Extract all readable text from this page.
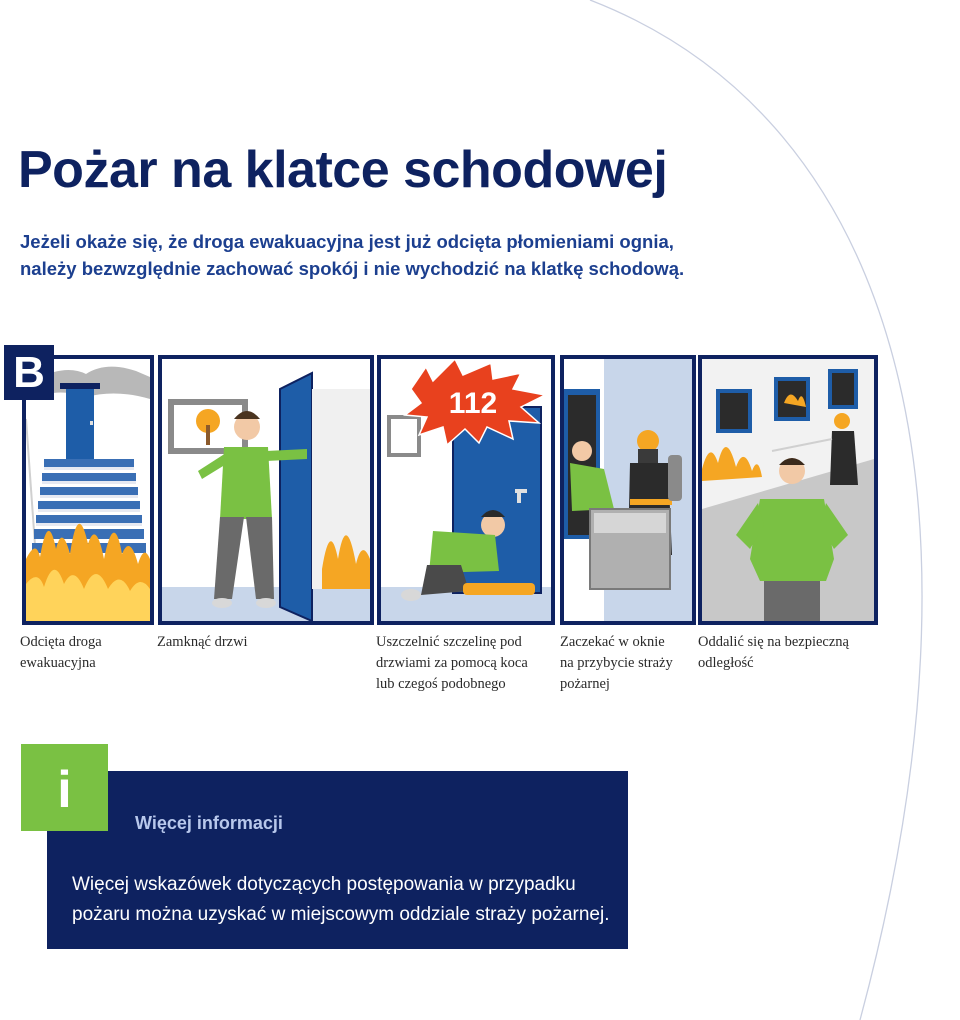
Pożar na klatce schodowej

Jeżeli okaże się, że droga ewakuacyjna jest już odcięta płomieniami ognia,
należy bezwzględnie zachować spokój i nie wychodzić na klatkę schodową.

112
B
Odcięta droga
ewakuacyjna
Zamknąć drzwi	Uszczelnić szczelinę pod
drzwiami za pomocą koca
lub czegoś podobnego
Zaczekać w oknie
na przybycie straży
pożarnej
Oddalić się na bezpieczną
odległość
i
Więcej informacji
Więcej wskazówek dotyczących postępowania w przypadku
pożaru można uzyskać w miejscowym oddziale straży pożarnej.
